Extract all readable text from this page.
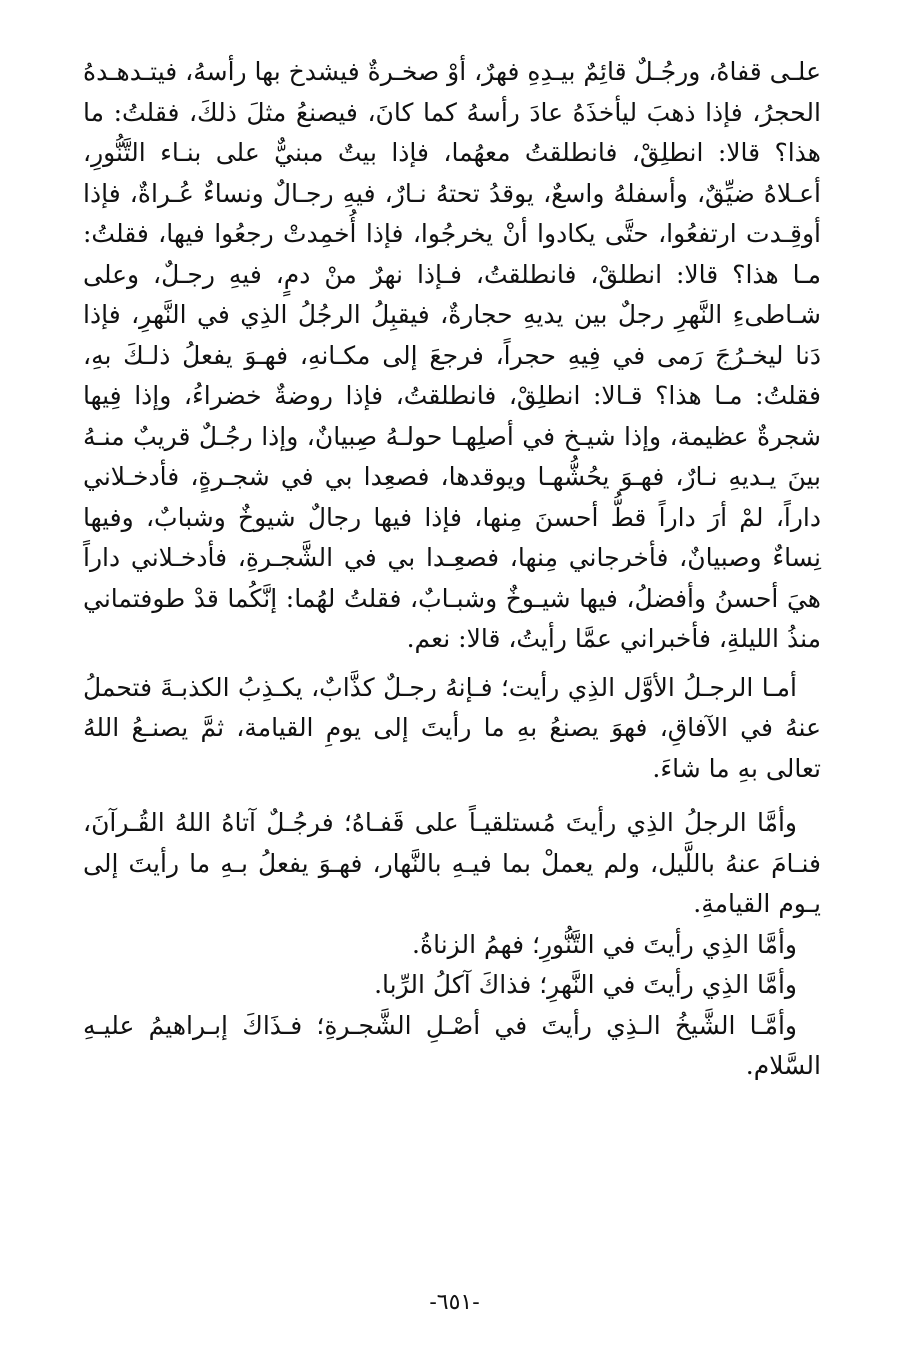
علـى قفاهُ، ورجُـلٌ قائِمٌ بيـدِهِ فهرٌ، أوْ صخـرةٌ فيشدخ بها رأسهُ، فيتـدهـدهُ الحجرُ، فإذا ذهبَ ليأخذَهُ عادَ رأسهُ كما كانَ، فيصنعُ مثلَ ذلكَ، فقلتُ: ما هذا؟ قالا: انطلِقْ، فانطلقتُ معهُما، فإذا بيتٌ مبنيٌّ على بنـاء التَّنُّورِ، أعـلاهُ ضيِّقٌ، وأسفلهُ واسعٌ، يوقدُ تحتهُ نـارٌ، فيهِ رجـالٌ ونساءٌ عُـراةٌ، فإذا أوقِـدت ارتفعُوا، حتَّى يكادوا أنْ يخرجُوا، فإذا أُخمِدتْ رجعُوا فيها، فقلتُ: مـا هذا؟ قالا: انطلقْ، فانطلقتُ، فـإذا نهرٌ منْ دمٍ، فيهِ رجـلٌ، وعلى شـاطىءِ النَّهرِ رجلٌ بين يديهِ حجارةٌ، فيقبِلُ الرجُلُ الذِي في النَّهرِ، فإذا دَنا ليخـرُجَ رَمى في فِيهِ حجراً، فرجعَ إلى مكـانهِ، فهـوَ يفعلُ ذلـكَ بهِ، فقلتُ: مـا هذا؟ قـالا: انطلِقْ، فانطلقتُ، فإذا روضةٌ خضراءُ، وإذا فِيها شجرةٌ عظيمة، وإذا شيـخ في أصلِهـا حولـهُ صِبيانٌ، وإذا رجُـلٌ قريبٌ منـهُ بينَ يـديهِ نـارٌ، فهـوَ يحُشُّهـا ويوقدها، فصعِدا بي في شجـرةٍ، فأدخـلاني داراً، لمْ أرَ داراً قطُّ أحسنَ مِنها، فإذا فيها رجالٌ شيوخٌ وشبابٌ، وفيها نِساءٌ وصبيانٌ، فأخرجاني مِنها، فصعِـدا بي في الشَّجـرةِ، فأدخـلاني داراً هيَ أحسنُ وأفضلُ، فيها شيـوخٌ وشبـابٌ، فقلتُ لهُما: إنَّكُما قدْ طوفتماني منذُ الليلةِ، فأخبراني عمَّا رأيتُ، قالا: نعم.

أمـا الرجـلُ الأوَّل الذِي رأيت؛ فـإنهُ رجـلٌ كذَّابٌ، يكـذِبُ الكذبـةَ فتحملُ عنهُ في الآفاقِ، فهوَ يصنعُ بهِ ما رأيتَ إلى يومِ القيامة، ثمَّ يصنـعُ اللهُ تعالى بهِ ما شاءَ.

وأمَّا الرجلُ الذِي رأيتَ مُستلقيـاً على قَفـاهُ؛ فرجُـلٌ آتاهُ اللهُ القُـرآنَ، فنـامَ عنهُ باللَّيل، ولم يعملْ بما فيـهِ بالنَّهار، فهـوَ يفعلُ بـهِ ما رأيتَ إلى يـوم القيامةِ.

وأمَّا الذِي رأيتَ في التَّنُّورِ؛ فهمُ الزناةُ.

وأمَّا الذِي رأيتَ في النَّهرِ؛ فذاكَ آكلُ الرِّبا.

وأمَّـا الشَّيخُ الـذِي رأيتَ في أصْـلِ الشَّجـرةِ؛ فـذَاكَ إبـراهيمُ عليـهِ السَّلام.

-٦٥١-
